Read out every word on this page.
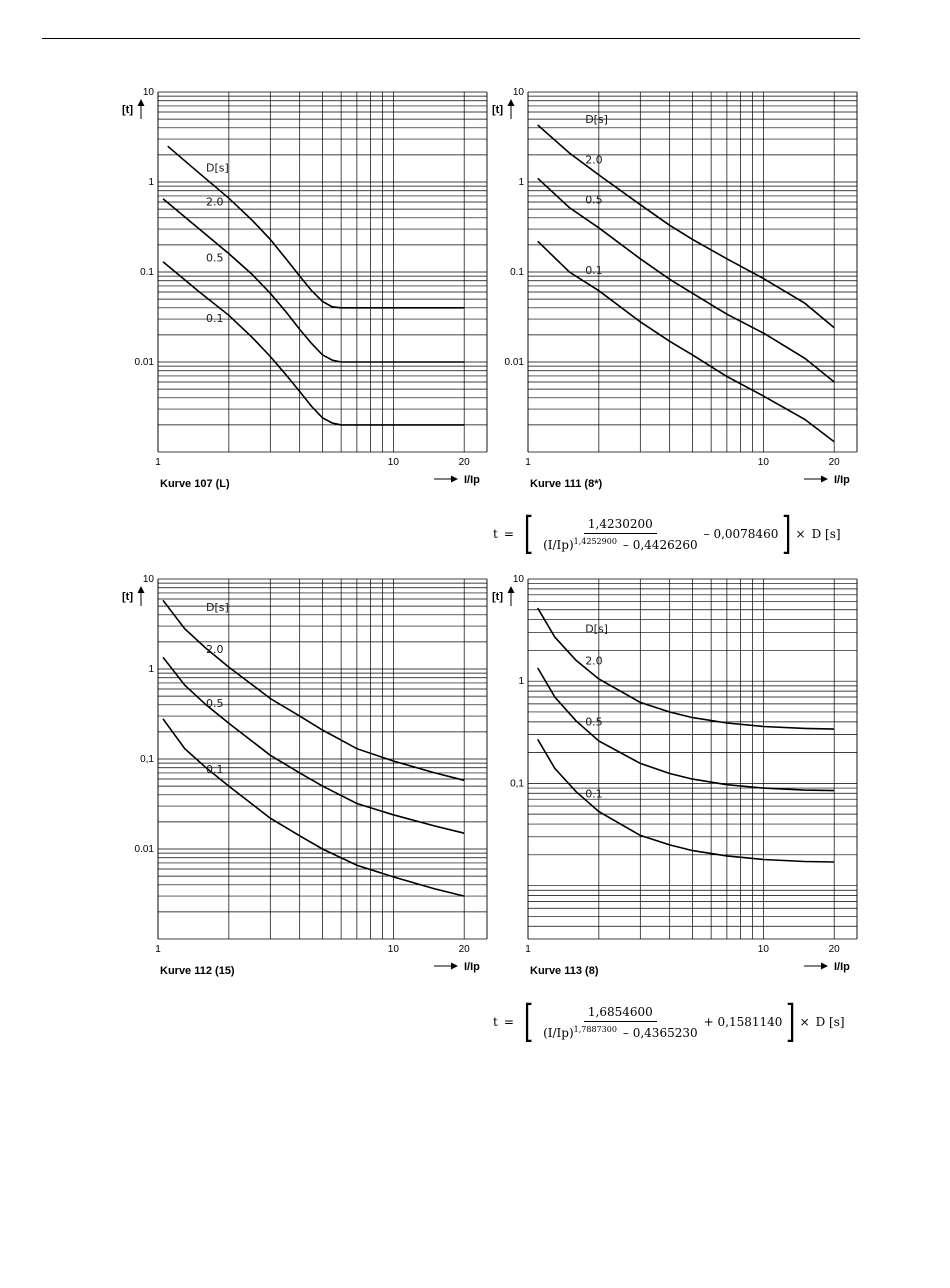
10
1
0.1
0.01
1	10	20
[t]
I/Ip
Kurve 107 (L)
D[s]
2.0
0.5
0.1
10
1
0.1
0.01
1	10	20
[t]
I/Ip
Kurve 111 (8*)
D[s]
2.0
0.5
0.1
10
1
0,1
0.01
1	10	20
[t]
I/Ip
Kurve 112 (15)
D[s]
2.0
0.5
0.1
10
1
0,1
1	10	20
[t]
I/Ip
Kurve 113 (8)
D[s]
2.0
0.5
0.1
t = [ $\frac{1,4230200}{(I/Ip)^{1,4252900} - 0,4426260} - 0,0078460$ ] × D [s]
t = [ $\frac{1,6854600}{(I/Ip)^{1,7887300} - 0,4365230} + 0,1581140$ ] × D [s]
